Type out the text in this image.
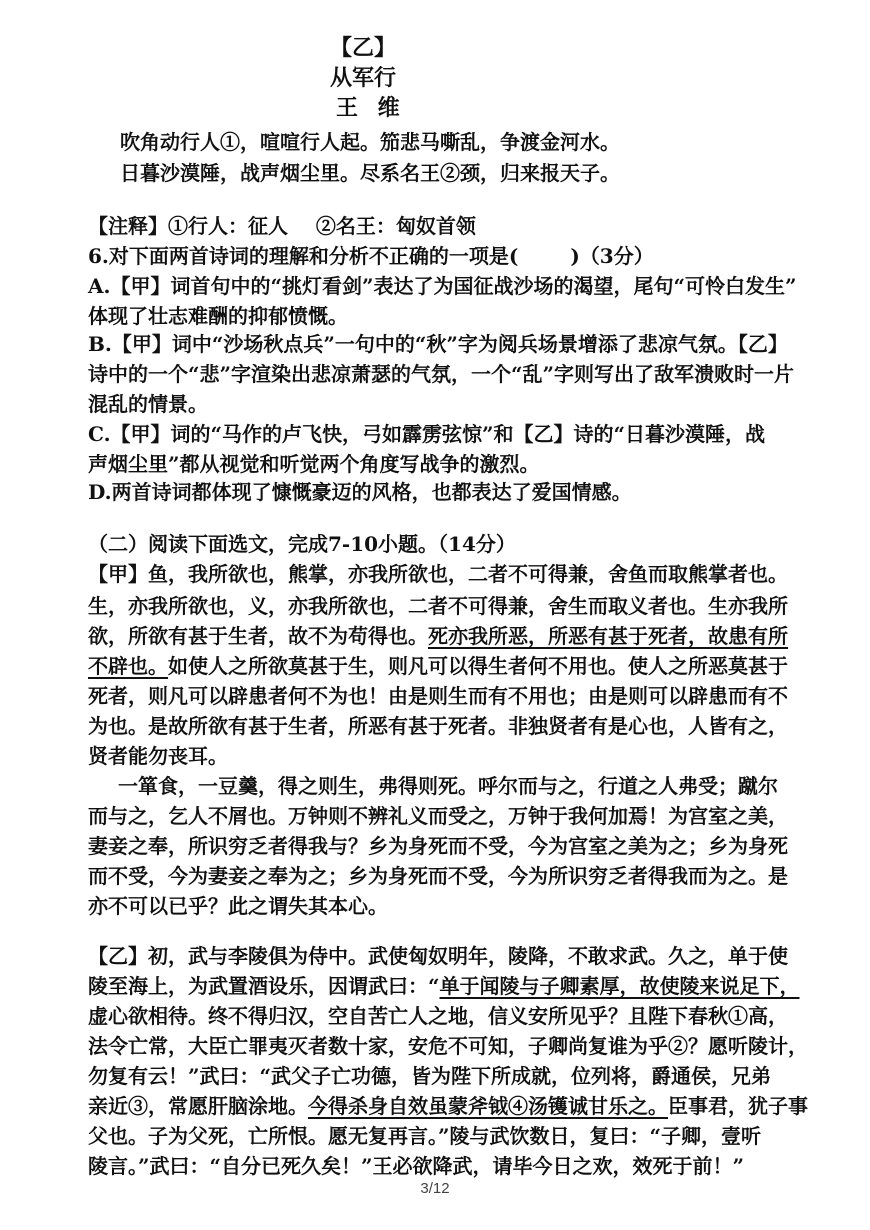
【乙】
从军行
王 维
吹角动行人①，喧喧行人起。笳悲马嘶乱，争渡金河水。
日暮沙漠陲，战声烟尘里。尽系名王②颈，归来报天子。
【注释】①行人：征人    ②名王：匈奴首领
6.对下面两首诗词的理解和分析不正确的一项是(	)（3分）
A.【甲】词首句中的“挑灯看剑”表达了为国征战沙场的渴望，尾句“可怜白发生”
体现了壮志难酬的抑郁愤慨。
B.【甲】词中“沙场秋点兵”一句中的“秋”字为阅兵场景增添了悲凉气氛。【乙】
诗中的一个“悲”字渲染出悲凉萧瑟的气氛，一个“乱”字则写出了敌军溃败时一片
混乱的情景。
C.【甲】词的“马作的卢飞快，弓如霹雳弦惊”和【乙】诗的“日暮沙漠陲，战
声烟尘里”都从视觉和听觉两个角度写战争的激烈。
D.两首诗词都体现了慷慨豪迈的风格，也都表达了爱国情感。
（二）阅读下面选文，完成7-10小题。（14分）
【甲】鱼，我所欲也，熊掌，亦我所欲也，二者不可得兼，舍鱼而取熊掌者也。
生，亦我所欲也，义，亦我所欲也，二者不可得兼，舍生而取义者也。生亦我所
欲，所欲有甚于生者，故不为苟得也。死亦我所恶，所恶有甚于死者，故患有所
不辟也。如使人之所欲莫甚于生，则凡可以得生者何不用也。使人之所恶莫甚于
死者，则凡可以辟患者何不为也！由是则生而有不用也；由是则可以辟患而有不
为也。是故所欲有甚于生者，所恶有甚于死者。非独贤者有是心也，人皆有之，
贤者能勿丧耳。
一箪食，一豆羹，得之则生，弗得则死。呼尔而与之，行道之人弗受；蹴尔
而与之，乞人不屑也。万钟则不辨礼义而受之，万钟于我何加焉！为宫室之美，
妻妾之奉，所识穷乏者得我与？乡为身死而不受，今为宫室之美为之；乡为身死
而不受，今为妻妾之奉为之；乡为身死而不受，今为所识穷乏者得我而为之。是
亦不可以已乎？此之谓失其本心。
【乙】初，武与李陵俱为侍中。武使匈奴明年，陵降，不敢求武。久之，单于使
陵至海上，为武置酒设乐，因谓武曰：“单于闻陵与子卿素厚，故使陵来说足下，
虚心欲相待。终不得归汉，空自苦亡人之地，信义安所见乎？且陛下春秋①高，
法令亡常，大臣亡罪夷灭者数十家，安危不可知，子卿尚复谁为乎②？愿听陵计，
勿复有云！”武曰：“武父子亡功德，皆为陛下所成就，位列将，爵通侯，兄弟
亲近③，常愿肝脑涂地。今得杀身自效虽蒙斧钺④汤镬诚甘乐之。臣事君，犹子事
父也。子为父死，亡所恨。愿无复再言。”陵与武饮数日，复曰：“子卿，壹听
陵言。”武曰：“自分已死久矣！”王必欲降武，请毕今日之欢，效死于前！”
3/12
